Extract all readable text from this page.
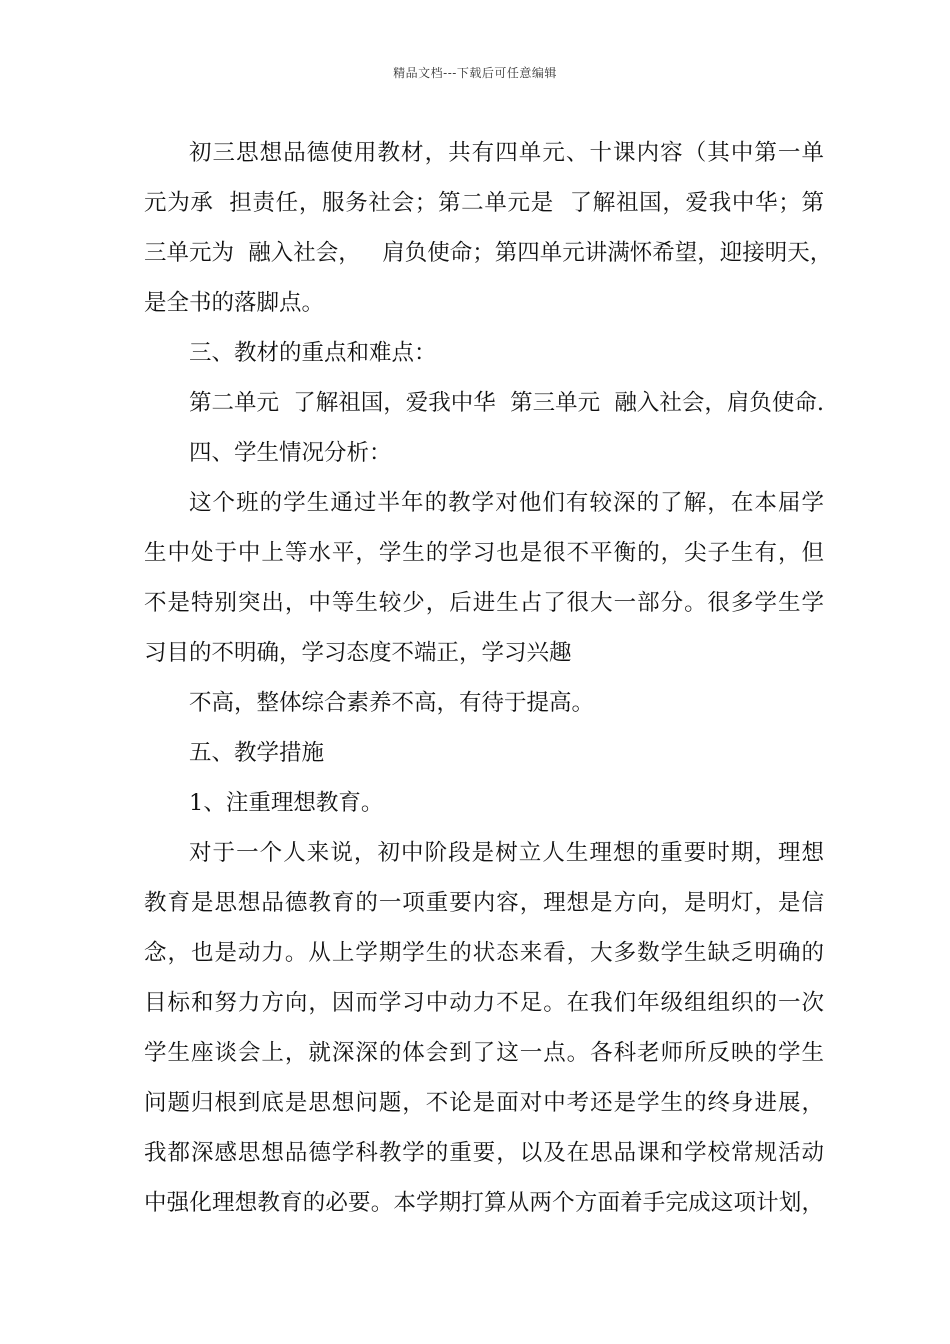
精品文档---下载后可任意编辑
初三思想品德使用教材，共有四单元、十课内容（其中第一单
元为承  担责任，服务社会；第二单元是  了解祖国，爱我中华；第
三单元为  融入社会，   肩负使命；第四单元讲满怀希望，迎接明天，
是全书的落脚点。
三、教材的重点和难点：
第二单元  了解祖国，爱我中华  第三单元  融入社会，肩负使命.
四、学生情况分析：
这个班的学生通过半年的教学对他们有较深的了解，在本届学
生中处于中上等水平，学生的学习也是很不平衡的，尖子生有，但
不是特别突出，中等生较少，后进生占了很大一部分。很多学生学
习目的不明确，学习态度不端正，学习兴趣
不高，整体综合素养不高，有待于提高。
五、教学措施
1、注重理想教育。
对于一个人来说，初中阶段是树立人生理想的重要时期，理想
教育是思想品德教育的一项重要内容，理想是方向，是明灯，是信
念，也是动力。从上学期学生的状态来看，大多数学生缺乏明确的
目标和努力方向，因而学习中动力不足。在我们年级组组织的一次
学生座谈会上，就深深的体会到了这一点。各科老师所反映的学生
问题归根到底是思想问题，不论是面对中考还是学生的终身进展，
我都深感思想品德学科教学的重要，以及在思品课和学校常规活动
中强化理想教育的必要。本学期打算从两个方面着手完成这项计划，
